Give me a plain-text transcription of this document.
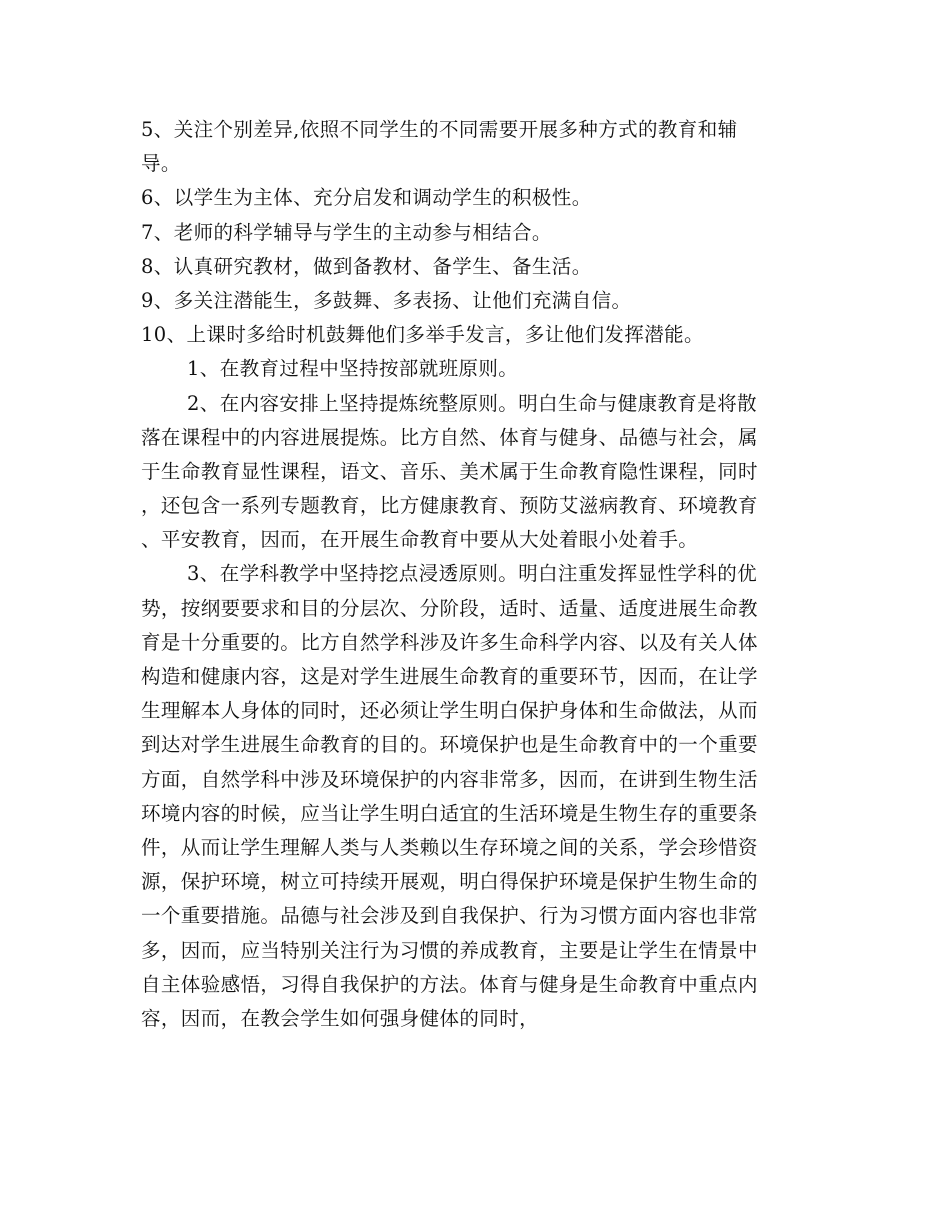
5、关注个别差异,依照不同学生的不同需要开展多种方式的教育和辅
导。
6、以学生为主体、充分启发和调动学生的积极性。
7、老师的科学辅导与学生的主动参与相结合。
8、认真研究教材，做到备教材、备学生、备生活。
9、多关注潜能生，多鼓舞、多表扬、让他们充满自信。
10、上课时多给时机鼓舞他们多举手发言，多让他们发挥潜能。
1、在教育过程中坚持按部就班原则。
2、在内容安排上坚持提炼统整原则。明白生命与健康教育是将散
落在课程中的内容进展提炼。比方自然、体育与健身、品德与社会，属
于生命教育显性课程，语文、音乐、美术属于生命教育隐性课程，同时
，还包含一系列专题教育，比方健康教育、预防艾滋病教育、环境教育
、平安教育，因而，在开展生命教育中要从大处着眼小处着手。
3、在学科教学中坚持挖点浸透原则。明白注重发挥显性学科的优
势，按纲要要求和目的分层次、分阶段，适时、适量、适度进展生命教
育是十分重要的。比方自然学科涉及许多生命科学内容、以及有关人体
构造和健康内容，这是对学生进展生命教育的重要环节，因而，在让学
生理解本人身体的同时，还必须让学生明白保护身体和生命做法，从而
到达对学生进展生命教育的目的。环境保护也是生命教育中的一个重要
方面，自然学科中涉及环境保护的内容非常多，因而，在讲到生物生活
环境内容的时候，应当让学生明白适宜的生活环境是生物生存的重要条
件，从而让学生理解人类与人类赖以生存环境之间的关系，学会珍惜资
源，保护环境，树立可持续开展观，明白得保护环境是保护生物生命的
一个重要措施。品德与社会涉及到自我保护、行为习惯方面内容也非常
多，因而，应当特别关注行为习惯的养成教育，主要是让学生在情景中
自主体验感悟，习得自我保护的方法。体育与健身是生命教育中重点内
容，因而，在教会学生如何强身健体的同时，
